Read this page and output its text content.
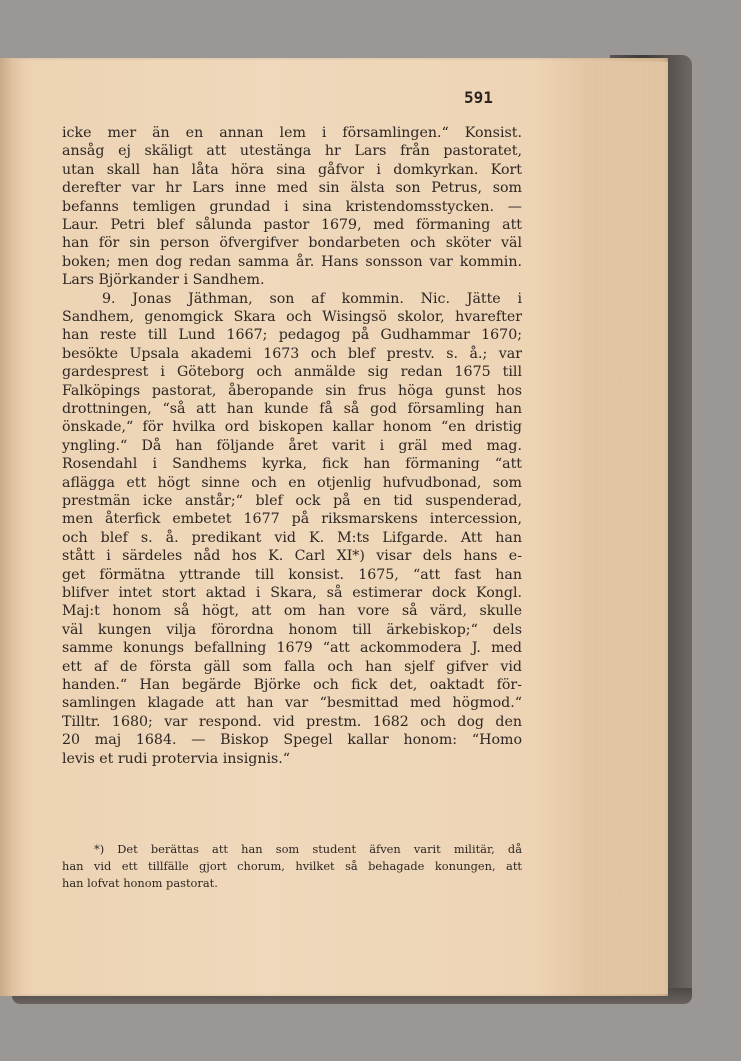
591
icke mer än en annan lem i församlingen.“ Konsist.
ansåg ej skäligt att utestänga hr Lars från pastoratet,
utan skall han låta höra sina gåfvor i domkyrkan. Kort
derefter var hr Lars inne med sin älsta son Petrus, som
befanns temligen grundad i sina kristendomsstycken. —
Laur. Petri blef sålunda pastor 1679, med förmaning att
han för sin person öfvergifver bondarbeten och sköter väl
boken; men dog redan samma år. Hans sonsson var kommin.
Lars Björkander i Sandhem.
9. Jonas Jäthman, son af kommin. Nic. Jätte i
Sandhem, genomgick Skara och Wisingsö skolor, hvarefter
han reste till Lund 1667; pedagog på Gudhammar 1670;
besökte Upsala akademi 1673 och blef prestv. s. å.; var
gardesprest i Göteborg och anmälde sig redan 1675 till
Falköpings pastorat, åberopande sin frus höga gunst hos
drottningen, “så att han kunde få så god församling han
önskade,“ för hvilka ord biskopen kallar honom “en dristig
yngling.“ Då han följande året varit i gräl med mag.
Rosendahl i Sandhems kyrka, fick han förmaning “att
aflägga ett högt sinne och en otjenlig hufvudbonad, som
prestmän icke anstår;“ blef ock på en tid suspenderad,
men återfick embetet 1677 på riksmarskens intercession,
och blef s. å. predikant vid K. M:ts Lifgarde. Att han
stått i särdeles nåd hos K. Carl XI*) visar dels hans e-
get förmätna yttrande till konsist. 1675, “att fast han
blifver intet stort aktad i Skara, så estimerar dock Kongl.
Maj:t honom så högt, att om han vore så värd, skulle
väl kungen vilja förordna honom till ärkebiskop;“ dels
samme konungs befallning 1679 “att ackommodera J. med
ett af de första gäll som falla och han sjelf gifver vid
handen.“ Han begärde Björke och fick det, oaktadt för-
samlingen klagade att han var “besmittad med högmod.“
Tilltr. 1680; var respond. vid prestm. 1682 och dog den
20 maj 1684. — Biskop Spegel kallar honom: “Homo
levis et rudi protervia insignis.“
*) Det berättas att han som student äfven varit militär, då
han vid ett tillfälle gjort chorum, hvilket så behagade konungen, att
han lofvat honom pastorat.
